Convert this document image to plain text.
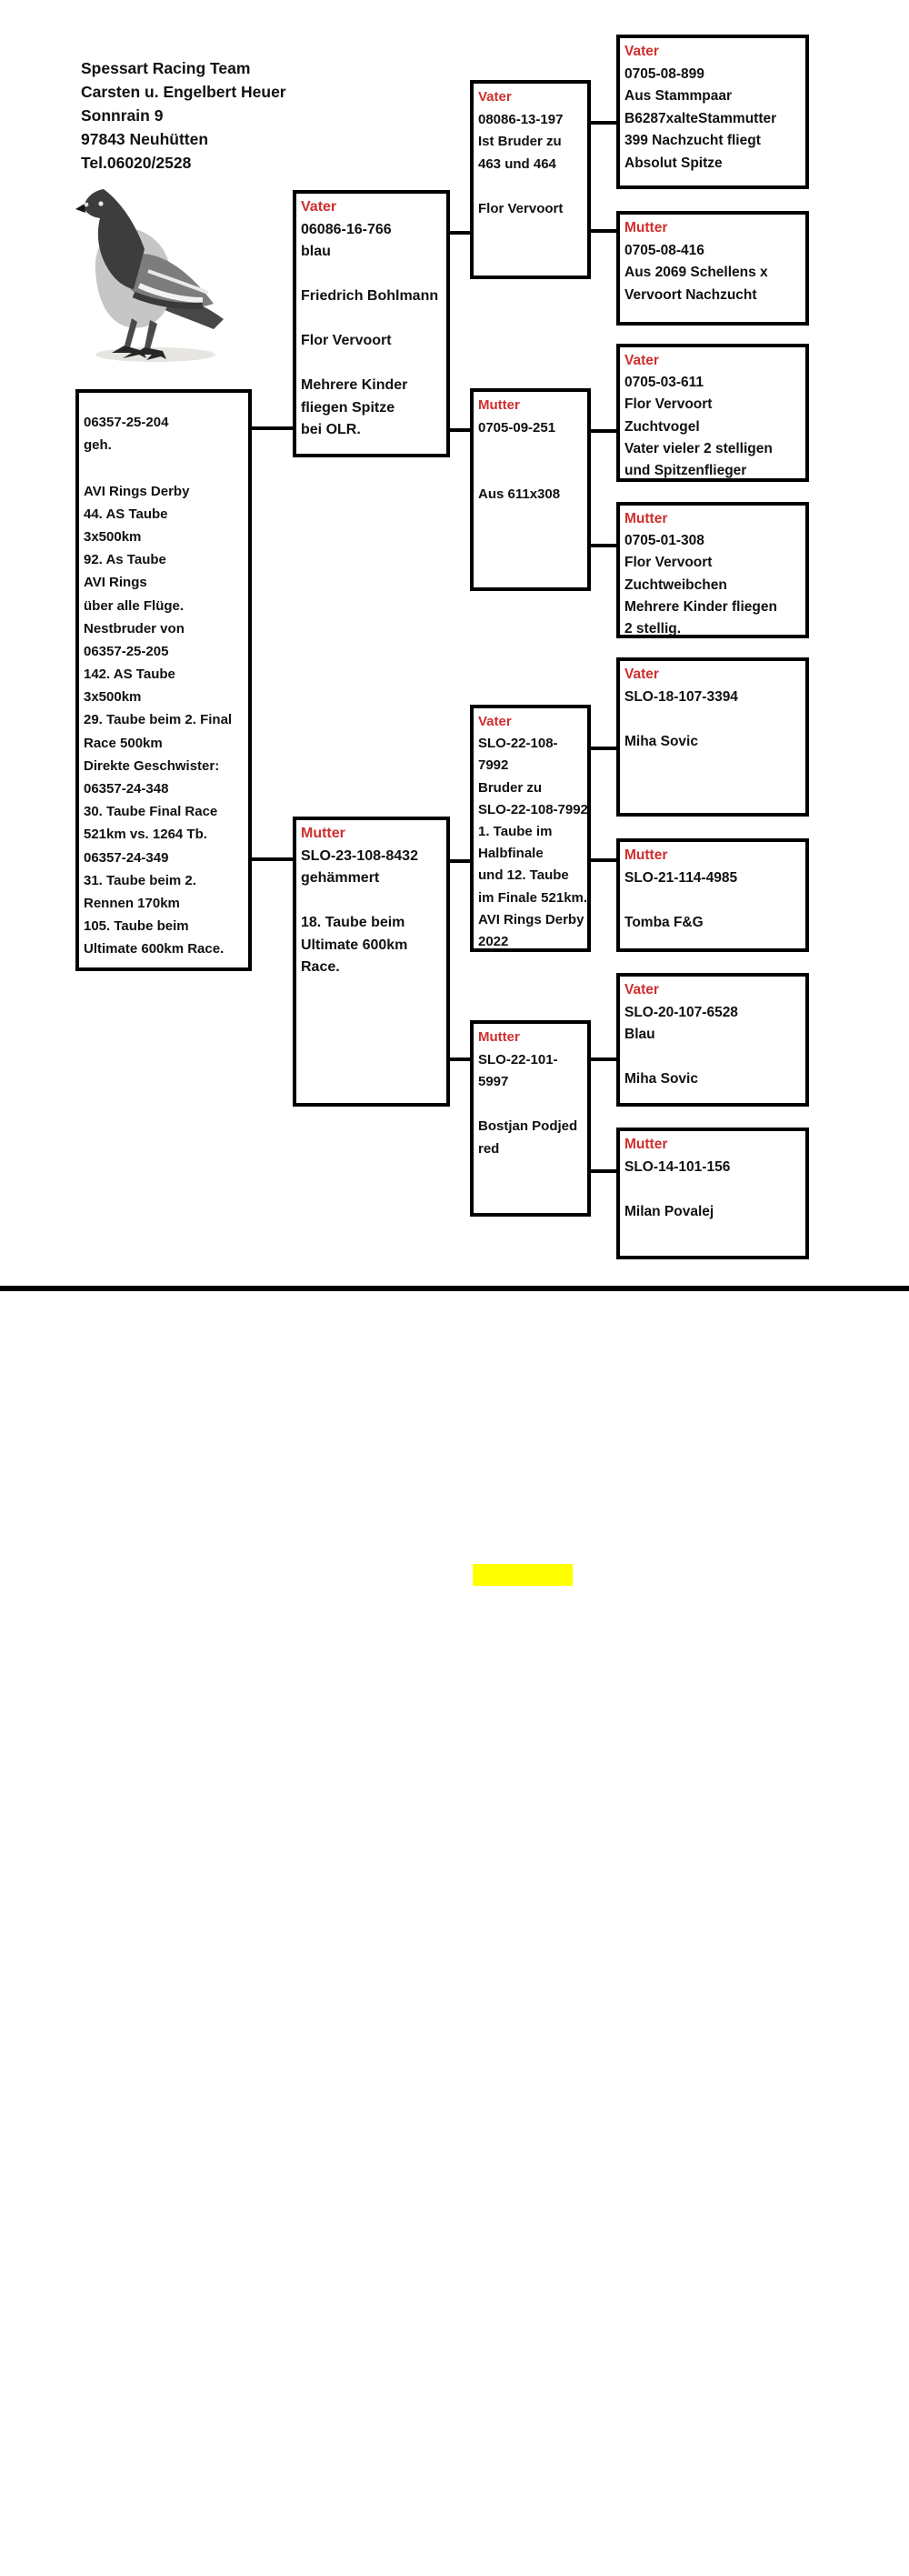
Spessart Racing Team
Carsten u. Engelbert Heuer
Sonnrain 9
97843 Neuhütten
Tel.06020/2528
06357-25-204
geh.

AVI Rings Derby
44. AS Taube
3x500km
92. As Taube
AVI Rings
über alle Flüge.
Nestbruder von
06357-25-205
142. AS Taube
3x500km
29. Taube beim 2. Final
Race 500km
Direkte Geschwister:
06357-24-348
30. Taube Final Race
521km vs. 1264 Tb.
06357-24-349
31. Taube beim 2.
Rennen 170km
105. Taube beim
Ultimate 600km Race.
Vater
06086-16-766
blau

Friedrich Bohlmann

Flor Vervoort

Mehrere Kinder
fliegen Spitze
bei OLR.
Mutter
SLO-23-108-8432
gehämmert

18. Taube beim
Ultimate 600km
Race.
Vater
08086-13-197
Ist Bruder zu
463 und 464

Flor Vervoort
Mutter
0705-09-251

Aus 611x308
Vater
SLO-22-108-
7992
Bruder zu
SLO-22-108-7992
1. Taube im
Halbfinale
und 12. Taube
im Finale 521km.
AVI Rings Derby
2022
Mutter
SLO-22-101-
5997

Bostjan Podjed
red
Vater
0705-08-899
Aus Stammpaar
B6287xalteStammutter
399 Nachzucht fliegt
Absolut Spitze
Mutter
0705-08-416
Aus 2069 Schellens x
Vervoort Nachzucht
Vater
0705-03-611
Flor Vervoort
Zuchtvogel
Vater vieler 2 stelligen
und Spitzenflieger
Mutter
0705-01-308
Flor Vervoort
Zuchtweibchen
Mehrere Kinder fliegen
2 stellig.
Vater
SLO-18-107-3394

Miha Sovic
Mutter
SLO-21-114-4985

Tomba F&G
Vater
SLO-20-107-6528
Blau

Miha Sovic
Mutter
SLO-14-101-156

Milan Povalej
